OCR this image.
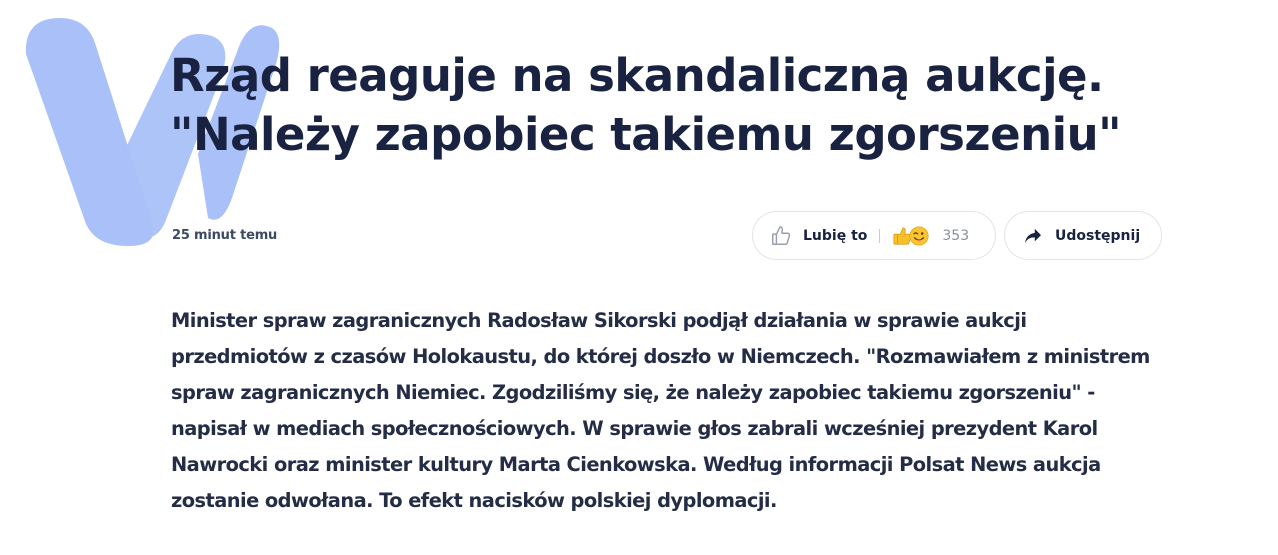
Rząd reaguje na skandaliczną aukcję. "Należy zapobiec takiemu zgorszeniu"
25 minut temu	Lubię to	353	Udostępnij

Minister spraw zagranicznych Radosław Sikorski podjął działania w sprawie aukcji przedmiotów z czasów Holokaustu, do której doszło w Niemczech. "Rozmawiałem z ministrem spraw zagranicznych Niemiec. Zgodziliśmy się, że należy zapobiec takiemu zgorszeniu" - napisał w mediach społecznościowych. W sprawie głos zabrali wcześniej prezydent Karol Nawrocki oraz minister kultury Marta Cienkowska. Według informacji Polsat News aukcja zostanie odwołana. To efekt nacisków polskiej dyplomacji.
